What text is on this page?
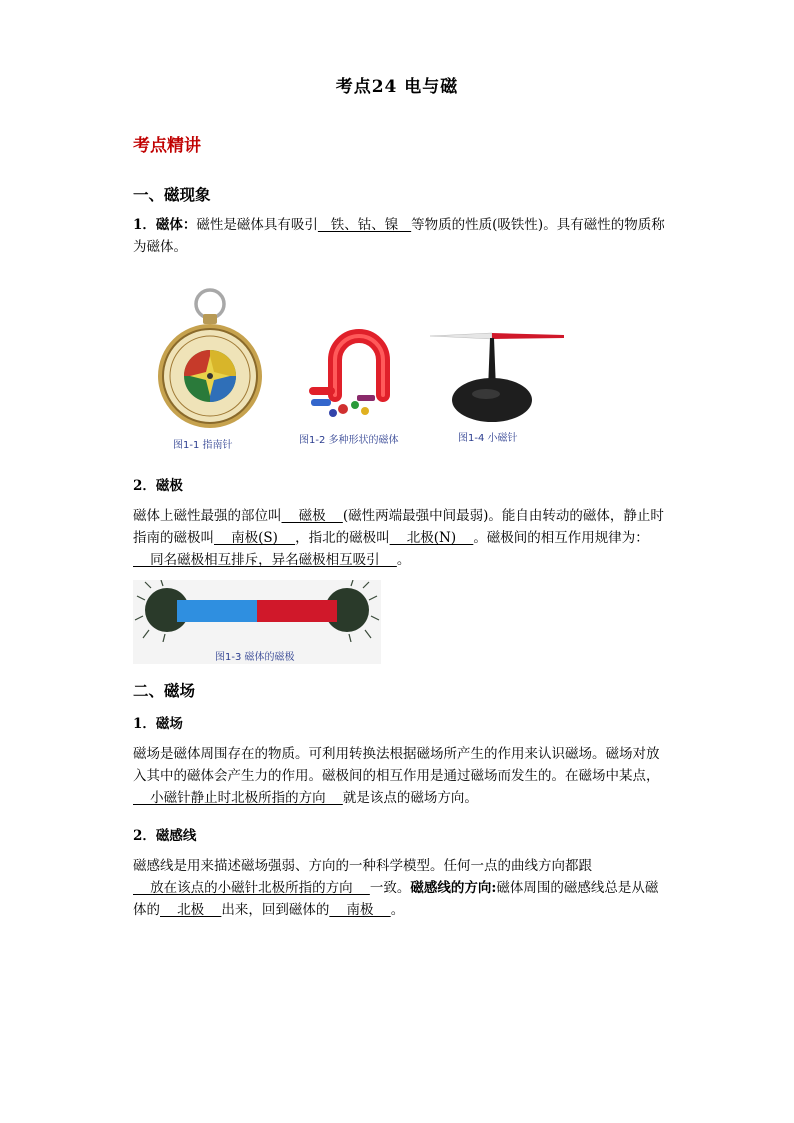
考点24 电与磁
考点精讲
一、磁现象
1．磁体：磁性是磁体具有吸引   铁、钴、镍   等物质的性质(吸铁性)。具有磁性的物质称为磁体。
图1-1 指南针	图1-2 多种形状的磁体	图1-4 小磁针
2．磁极
磁体上磁性最强的部位叫    磁极    (磁性两端最强中间最弱)。能自由转动的磁体，静止时指南的磁极叫    南极(S)    ，指北的磁极叫    北极(N)    。磁极间的相互作用规律为：    同名磁极相互排斥，异名磁极相互吸引    。
图1-3 磁体的磁极
二、磁场
1．磁场
磁场是磁体周围存在的物质。可利用转换法根据磁场所产生的作用来认识磁场。磁场对放入其中的磁体会产生力的作用。磁极间的相互作用是通过磁场而发生的。在磁场中某点，    小磁针静止时北极所指的方向    就是该点的磁场方向。
2．磁感线
磁感线是用来描述磁场强弱、方向的一种科学模型。任何一点的曲线方向都跟    放在该点的小磁针北极所指的方向    一致。磁感线的方向:磁体周围的磁感线总是从磁体的    北极    出来，回到磁体的    南极    。
